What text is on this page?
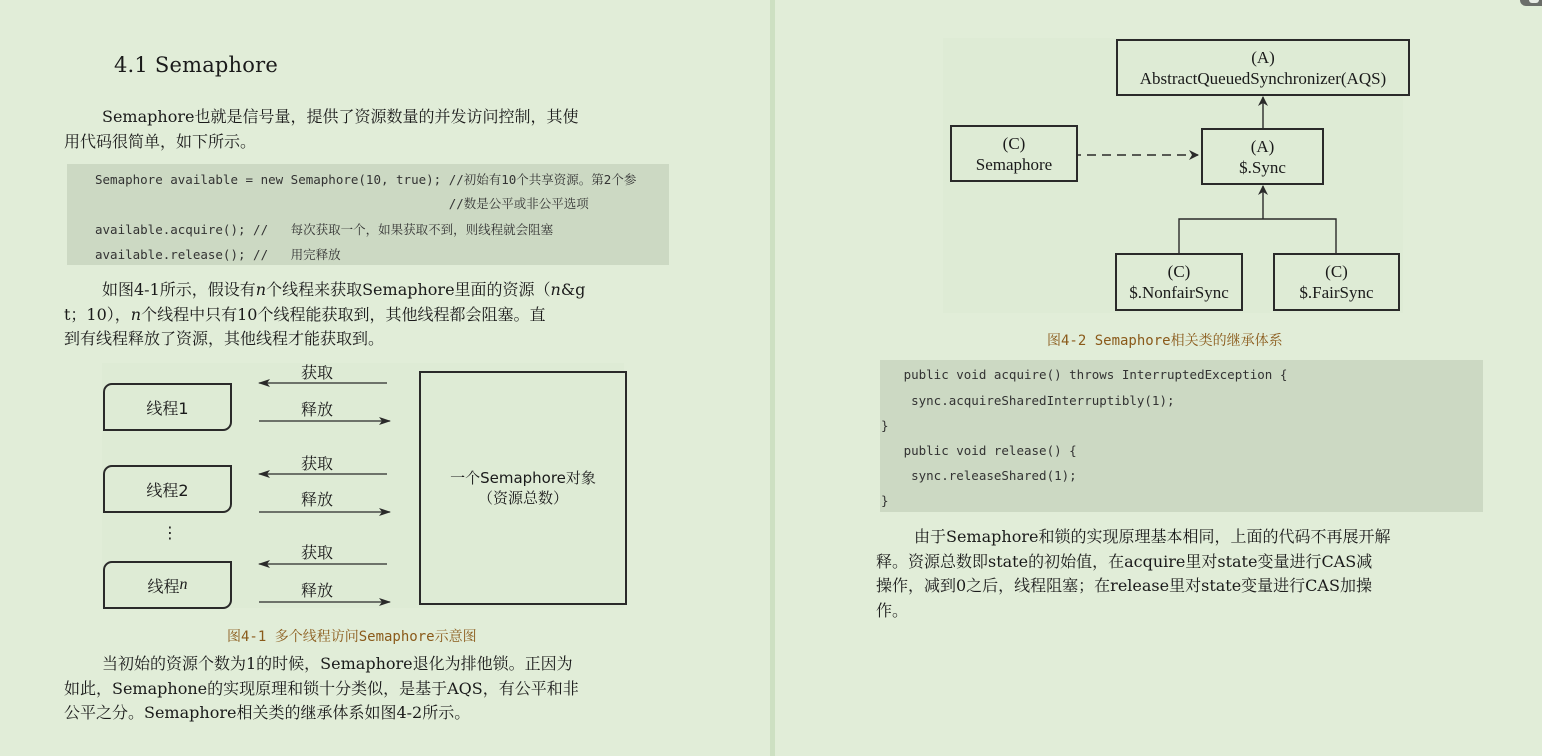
4.1 Semaphore
Semaphore也就是信号量，提供了资源数量的并发访问控制，其使
用代码很简单，如下所示。
Semaphore available = new Semaphore(10, true); //初始有10个共享资源。第2个参
//数是公平或非公平选项
available.acquire(); //   每次获取一个，如果获取不到，则线程就会阻塞
available.release(); //   用完释放
如图4-1所示，假设有n个线程来获取Semaphore里面的资源（n&g
t；10），n个线程中只有10个线程能获取到，其他线程都会阻塞。直
到有线程释放了资源，其他线程才能获取到。
线程1
线程2
⋮
线程 n
获取
释放
获取
释放
获取
释放
一个Semaphore对象
（资源总数）
图4-1 多个线程访问Semaphore示意图
当初始的资源个数为1的时候，Semaphore退化为排他锁。正因为
如此，Semaphone的实现原理和锁十分类似，是基于AQS，有公平和非
公平之分。Semaphore相关类的继承体系如图4-2所示。
(A)
AbstractQueuedSynchronizer(AQS)
(C)
Semaphore
(A)
$.Sync
(C)
$.NonfairSync
(C)
$.FairSync
图4-2 Semaphore相关类的继承体系
public void acquire() throws InterruptedException {
sync.acquireSharedInterruptibly(1);
}
public void release() {
sync.releaseShared(1);
}
由于Semaphore和锁的实现原理基本相同，上面的代码不再展开解
释。资源总数即state的初始值，在acquire里对state变量进行CAS减
操作，减到0之后，线程阻塞；在release里对state变量进行CAS加操
作。
